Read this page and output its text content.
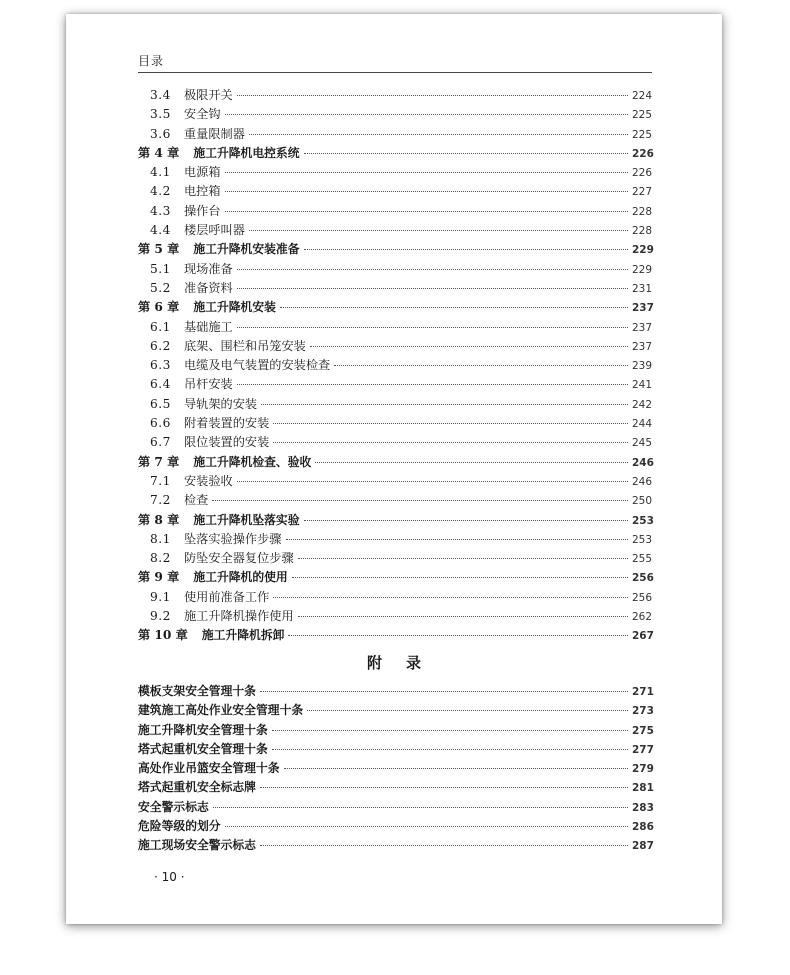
目录
3.4	极限开关	224
3.5	安全钩	225
3.6	重量限制器	225
第 4 章 施工升降机电控系统	226
4.1	电源箱	226
4.2	电控箱	227
4.3	操作台	228
4.4	楼层呼叫器	228
第 5 章 施工升降机安装准备	229
5.1	现场准备	229
5.2	准备资料	231
第 6 章 施工升降机安装	237
6.1	基础施工	237
6.2	底架、围栏和吊笼安装	237
6.3	电缆及电气装置的安装检查	239
6.4	吊杆安装	241
6.5	导轨架的安装	242
6.6	附着装置的安装	244
6.7	限位装置的安装	245
第 7 章 施工升降机检查、验收	246
7.1	安装验收	246
7.2	检查	250
第 8 章 施工升降机坠落实验	253
8.1	坠落实验操作步骤	253
8.2	防坠安全器复位步骤	255
第 9 章 施工升降机的使用	256
9.1	使用前准备工作	256
9.2	施工升降机操作使用	262
第 10 章 施工升降机拆卸	267
附 录
模板支架安全管理十条	271
建筑施工高处作业安全管理十条	273
施工升降机安全管理十条	275
塔式起重机安全管理十条	277
高处作业吊篮安全管理十条	279
塔式起重机安全标志牌	281
安全警示标志	283
危险等级的划分	286
施工现场安全警示标志	287
· 10 ·
